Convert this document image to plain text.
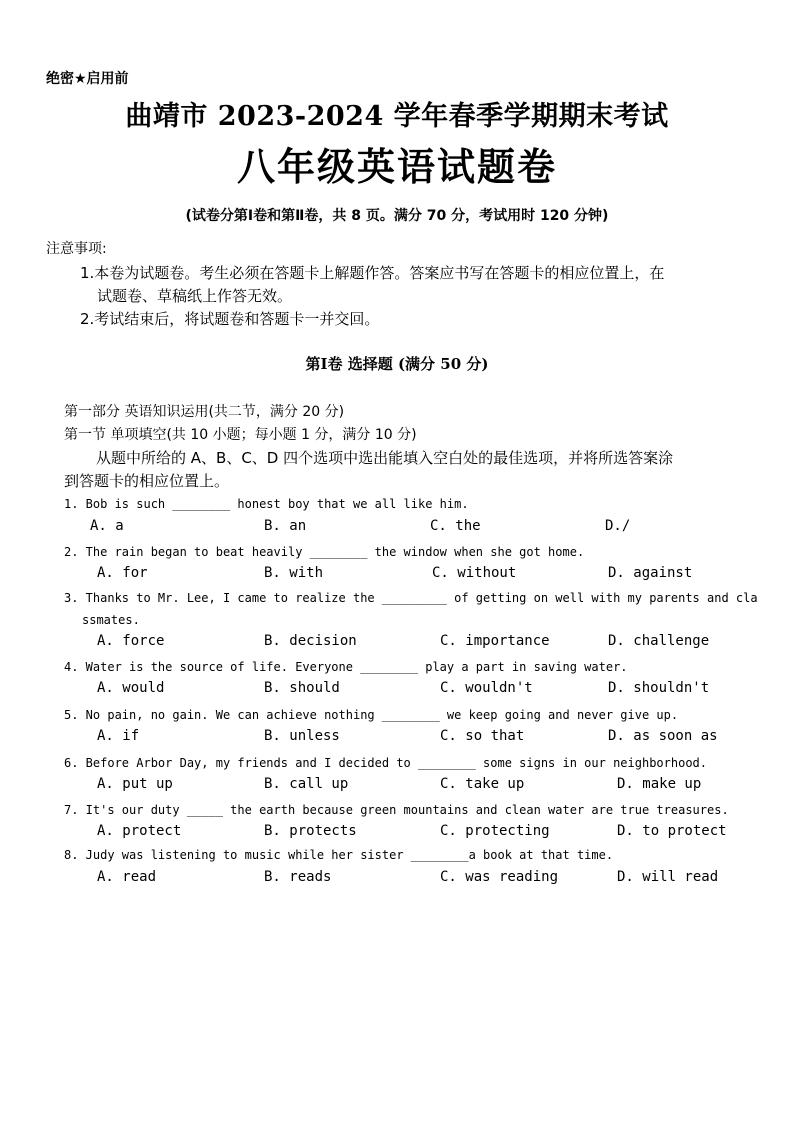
绝密★启用前
曲靖市 2023-2024 学年春季学期期末考试
八年级英语试题卷
(试卷分第Ⅰ卷和第Ⅱ卷，共 8 页。满分 70 分，考试用时 120 分钟)
注意事项:
1.本卷为试题卷。考生必须在答题卡上解题作答。答案应书写在答题卡的相应位置上，在
试题卷、草稿纸上作答无效。
2.考试结束后，将试题卷和答题卡一并交回。
第Ⅰ卷 选择题 (满分 50 分)
第一部分 英语知识运用(共二节，满分 20 分)
第一节 单项填空(共 10 小题；每小题 1 分，满分 10 分)
从题中所给的 A、B、C、D 四个选项中选出能填入空白处的最佳选项，并将所选答案涂
到答题卡的相应位置上。
1. Bob is such ________ honest boy that we all like him.
A. a	B. an	C. the	D./
2. The rain began to beat heavily ________ the window when she got home.
A. for	B. with	C. without	D. against
3. Thanks to Mr. Lee, I came to realize the _________ of getting on well with my parents and cla
ssmates.
A. force	B. decision	C. importance	D. challenge
4. Water is the source of life. Everyone ________ play a part in saving water.
A. would	B. should	C. wouldn't	D. shouldn't
5. No pain, no gain. We can achieve nothing ________ we keep going and never give up.
A. if	B. unless	C. so that	D. as soon as
6. Before Arbor Day, my friends and I decided to ________ some signs in our neighborhood.
A. put up	B. call up	C. take up	D. make up
7. It's our duty _____ the earth because green mountains and clean water are true treasures.
A. protect	B. protects	C. protecting	D. to protect
8. Judy was listening to music while her sister ________a book at that time.
A. read	B. reads	C. was reading	D. will read
